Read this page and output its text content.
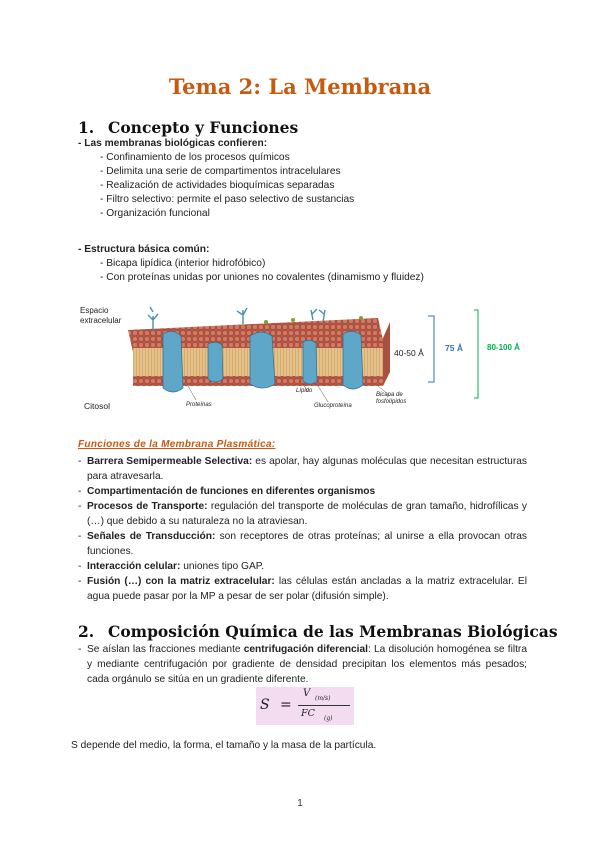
Tema 2: La Membrana
1. Concepto y Funciones
- Las membranas biológicas confieren:
- Confinamiento de los procesos químicos
- Delimita una serie de compartimentos intracelulares
- Realización de actividades bioquímicas separadas
- Filtro selectivo: permite el paso selectivo de sustancias
- Organización funcional
- Estructura básica común:
- Bicapa lipídica (interior hidrofóbico)
- Con proteínas unidas por uniones no covalentes (dinamismo y fluidez)
Espacio extracelular
Citosol	Proteínas
Lípido
Glucoproteína
Bicapa de fosfolípidos
40-50 Å 75 Å	80-100 Å
Funciones de la Membrana Plasmática:
- Barrera Semipermeable Selectiva: es apolar, hay algunas moléculas que necesitan estructuras para atravesarla.
- Compartimentación de funciones en diferentes organismos
- Procesos de Transporte: regulación del transporte de moléculas de gran tamaño, hidrofílicas y (…) que debido a su naturaleza no la atraviesan.
- Señales de Transducción: son receptores de otras proteínas; al unirse a ella provocan otras funciones.
- Interacción celular: uniones tipo GAP.
- Fusión (…) con la matriz extracelular: las células están ancladas a la matriz extracelular. El agua puede pasar por la MP a pesar de ser polar (difusión simple).
2. Composición Química de las Membranas Biológicas
- Se aíslan las fracciones mediante centrifugación diferencial: La disolución homogénea se filtra y mediante centrifugación por gradiente de densidad precipitan los elementos más pesados; cada orgánulo se sitúa en un gradiente diferente.
S =
V (m/s)
FC (g)
S depende del medio, la forma, el tamaño y la masa de la partícula.
1
